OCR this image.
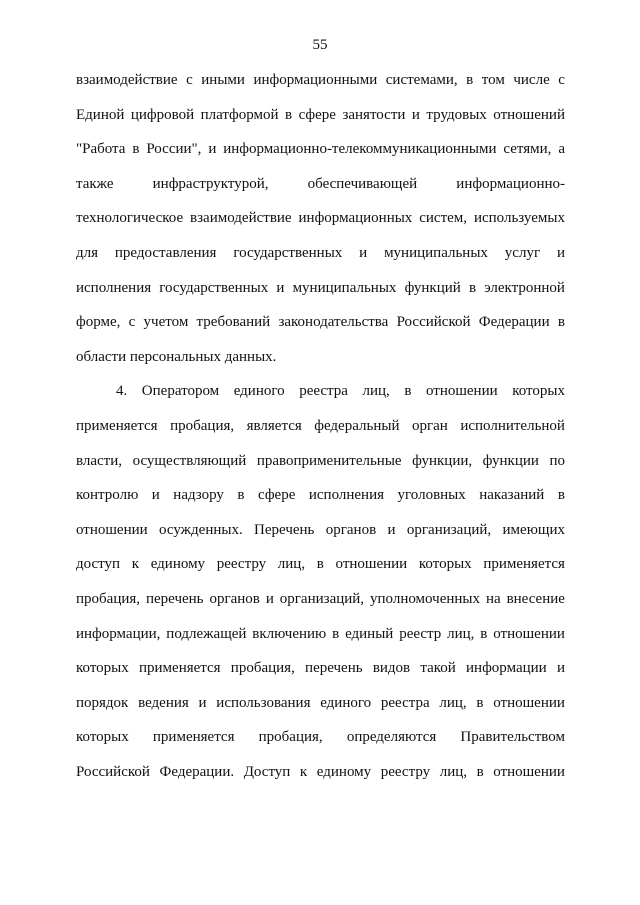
55
взаимодействие с иными информационными системами, в том числе с
Единой цифровой платформой в сфере занятости и трудовых отношений
"Работа в России", и информационно-телекоммуникационными сетями, а
также	инфраструктурой,	обеспечивающей	информационно-
технологическое взаимодействие информационных систем, используемых
для предоставления государственных и муниципальных услуг и
исполнения государственных и муниципальных функций в электронной
форме, с учетом требований законодательства Российской Федерации в
области персональных данных.
4. Оператором единого реестра лиц, в отношении которых
применяется пробация, является федеральный орган исполнительной
власти, осуществляющий правоприменительные функции, функции по
контролю и надзору в сфере исполнения уголовных наказаний в
отношении осужденных. Перечень органов и организаций, имеющих
доступ к единому реестру лиц, в отношении которых применяется
пробация, перечень органов и организаций, уполномоченных на внесение
информации, подлежащей включению в единый реестр лиц, в отношении
которых применяется пробация, перечень видов такой информации и
порядок ведения и использования единого реестра лиц, в отношении
которых применяется пробация, определяются Правительством
Российской Федерации. Доступ к единому реестру лиц, в отношении
